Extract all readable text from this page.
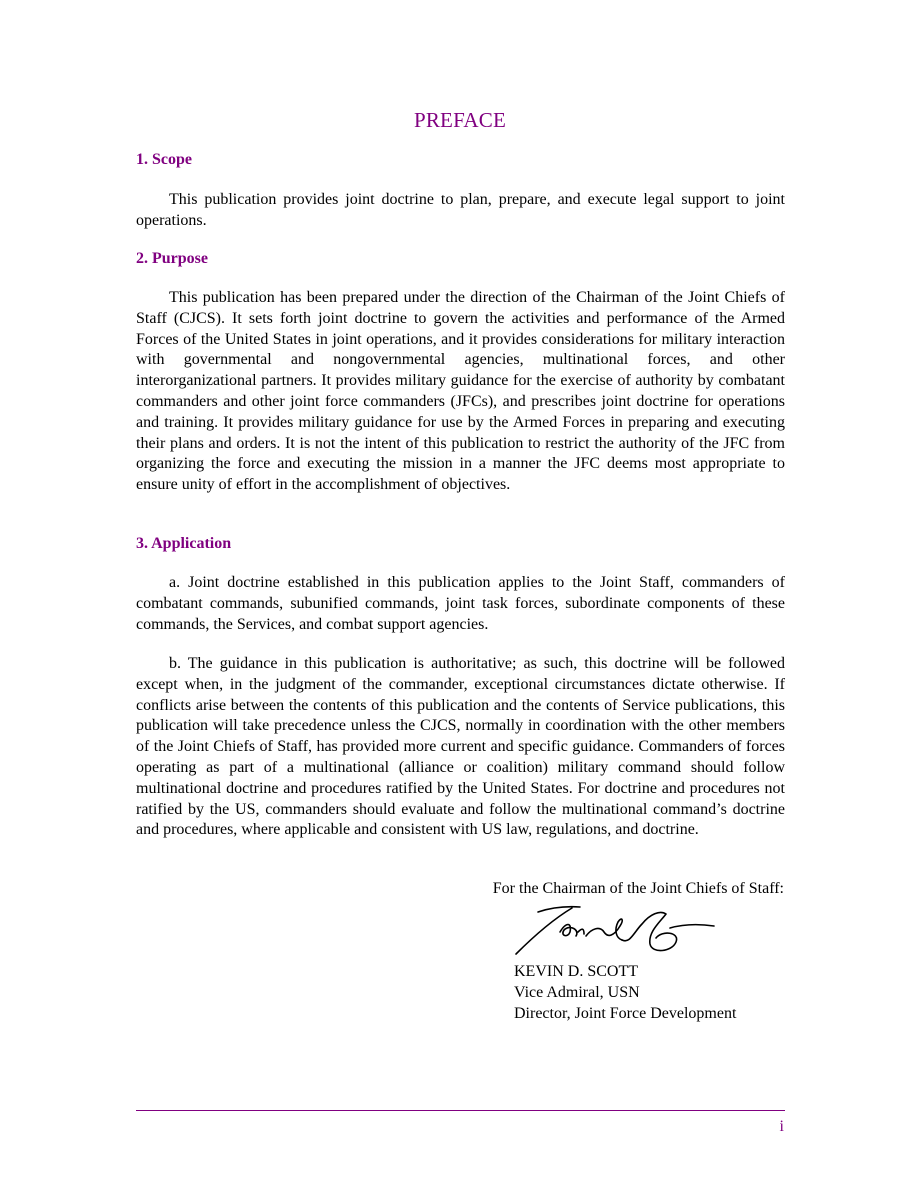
PREFACE
1. Scope
This publication provides joint doctrine to plan, prepare, and execute legal support to joint operations.
2. Purpose
This publication has been prepared under the direction of the Chairman of the Joint Chiefs of Staff (CJCS). It sets forth joint doctrine to govern the activities and performance of the Armed Forces of the United States in joint operations, and it provides considerations for military interaction with governmental and nongovernmental agencies, multinational forces, and other interorganizational partners. It provides military guidance for the exercise of authority by combatant commanders and other joint force commanders (JFCs), and prescribes joint doctrine for operations and training. It provides military guidance for use by the Armed Forces in preparing and executing their plans and orders. It is not the intent of this publication to restrict the authority of the JFC from organizing the force and executing the mission in a manner the JFC deems most appropriate to ensure unity of effort in the accomplishment of objectives.
3. Application
a. Joint doctrine established in this publication applies to the Joint Staff, commanders of combatant commands, subunified commands, joint task forces, subordinate components of these commands, the Services, and combat support agencies.
b. The guidance in this publication is authoritative; as such, this doctrine will be followed except when, in the judgment of the commander, exceptional circumstances dictate otherwise. If conflicts arise between the contents of this publication and the contents of Service publications, this publication will take precedence unless the CJCS, normally in coordination with the other members of the Joint Chiefs of Staff, has provided more current and specific guidance. Commanders of forces operating as part of a multinational (alliance or coalition) military command should follow multinational doctrine and procedures ratified by the United States. For doctrine and procedures not ratified by the US, commanders should evaluate and follow the multinational command’s doctrine and procedures, where applicable and consistent with US law, regulations, and doctrine.
For the Chairman of the Joint Chiefs of Staff:
KEVIN D. SCOTT
Vice Admiral, USN
Director, Joint Force Development
i
